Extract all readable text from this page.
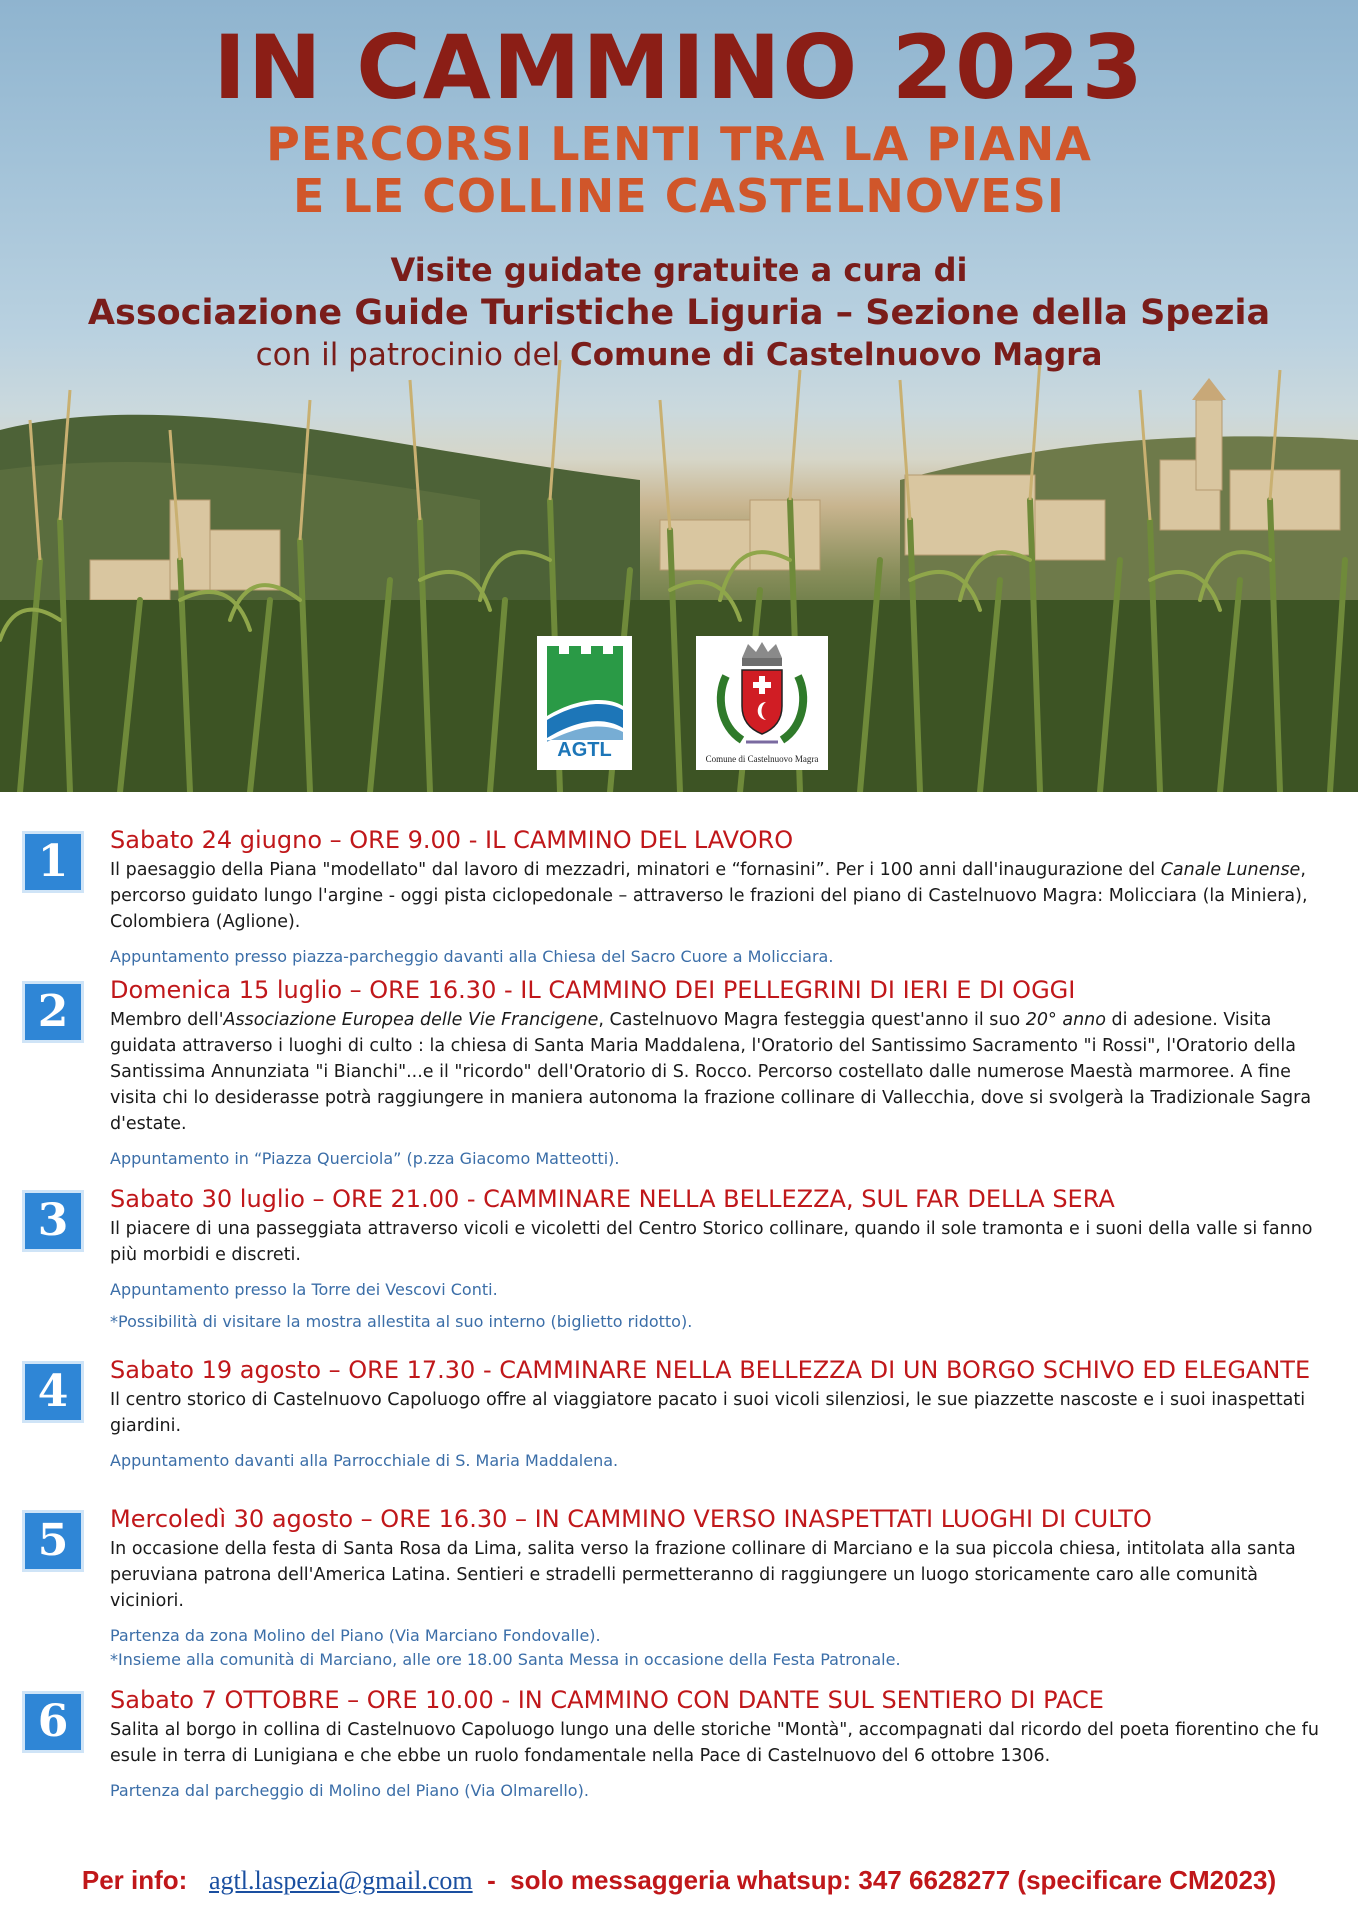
IN CAMMINO 2023
PERCORSI LENTI TRA LA PIANA
E LE COLLINE CASTELNOVESI
Visite guidate gratuite a cura di
Associazione Guide Turistiche Liguria – Sezione della Spezia
con il patrocinio del Comune di Castelnuovo Magra
AGTL	Comune di Castelnuovo Magra
1	Sabato 24 giugno – ORE 9.00 - IL CAMMINO DEL LAVORO
Il paesaggio della Piana "modellato" dal lavoro di mezzadri, minatori e “fornasini”. Per i 100 anni dall'inaugurazione del Canale Lunense, percorso guidato lungo l'argine - oggi pista ciclopedonale – attraverso le frazioni del piano di Castelnuovo Magra: Molicciara (la Miniera), Colombiera (Aglione).
Appuntamento presso piazza-parcheggio davanti alla Chiesa del Sacro Cuore a Molicciara.
2	Domenica 15 luglio – ORE 16.30 - IL CAMMINO DEI PELLEGRINI DI IERI E DI OGGI
Membro dell'Associazione Europea delle Vie Francigene, Castelnuovo Magra festeggia quest'anno il suo 20° anno di adesione. Visita guidata attraverso i luoghi di culto : la chiesa di Santa Maria Maddalena, l'Oratorio del Santissimo Sacramento "i Rossi", l'Oratorio della Santissima Annunziata "i Bianchi"...e il "ricordo" dell'Oratorio di S. Rocco. Percorso costellato dalle numerose Maestà marmoree. A fine visita chi lo desiderasse potrà raggiungere in maniera autonoma la frazione collinare di Vallecchia, dove si svolgerà la Tradizionale Sagra d'estate.
Appuntamento in “Piazza Querciola” (p.zza Giacomo Matteotti).
3	Sabato 30 luglio – ORE 21.00 - CAMMINARE NELLA BELLEZZA, SUL FAR DELLA SERA
Il piacere di una passeggiata attraverso vicoli e vicoletti del Centro Storico collinare, quando il sole tramonta e i suoni della valle si fanno più morbidi e discreti.
Appuntamento presso la Torre dei Vescovi Conti.
*Possibilità di visitare la mostra allestita al suo interno (biglietto ridotto).
4	Sabato 19 agosto – ORE 17.30 - CAMMINARE NELLA BELLEZZA DI UN BORGO SCHIVO ED ELEGANTE
Il centro storico di Castelnuovo Capoluogo offre al viaggiatore pacato i suoi vicoli silenziosi, le sue piazzette nascoste e i suoi inaspettati giardini.
Appuntamento davanti alla Parrocchiale di S. Maria Maddalena.
5	Mercoledì 30 agosto – ORE 16.30 – IN CAMMINO VERSO INASPETTATI LUOGHI DI CULTO
In occasione della festa di Santa Rosa da Lima, salita verso la frazione collinare di Marciano e la sua piccola chiesa, intitolata alla santa peruviana patrona dell'America Latina. Sentieri e stradelli permetteranno di raggiungere un luogo storicamente caro alle comunità viciniori.
Partenza da zona Molino del Piano (Via Marciano Fondovalle).
*Insieme alla comunità di Marciano, alle ore 18.00 Santa Messa in occasione della Festa Patronale.
6	Sabato 7 OTTOBRE – ORE 10.00 - IN CAMMINO CON DANTE SUL SENTIERO DI PACE
Salita al borgo in collina di Castelnuovo Capoluogo lungo una delle storiche "Montà", accompagnati dal ricordo del poeta fiorentino che fu esule in terra di Lunigiana e che ebbe un ruolo fondamentale nella Pace di Castelnuovo del 6 ottobre 1306.
Partenza dal parcheggio di Molino del Piano (Via Olmarello).
Per info:   agtl.laspezia@gmail.com  -  solo messaggeria whatsup: 347 6628277 (specificare CM2023)
